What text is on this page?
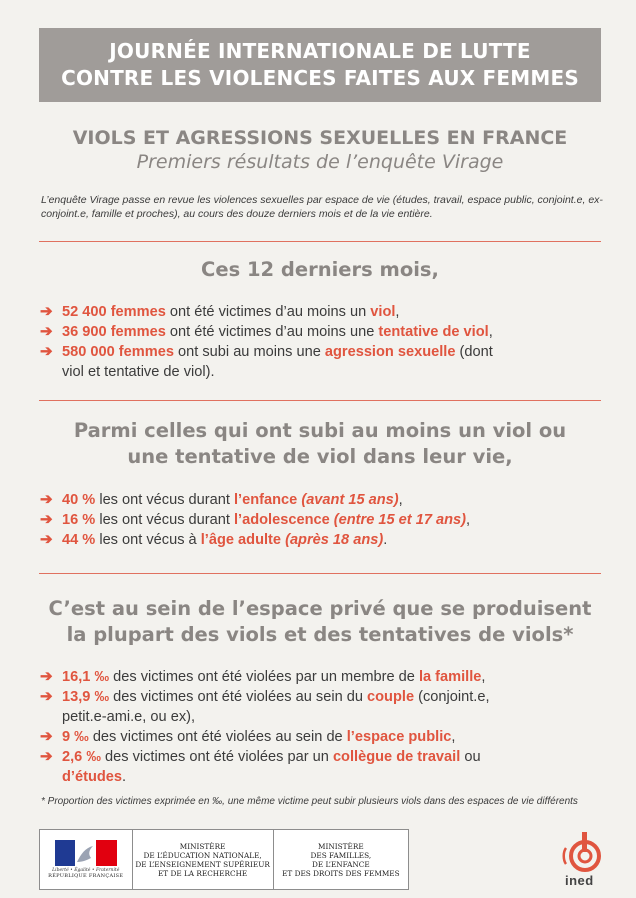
JOURNÉE INTERNATIONALE DE LUTTE
CONTRE LES VIOLENCES FAITES AUX FEMMES
VIOLS ET AGRESSIONS SEXUELLES EN FRANCE
Premiers résultats de l’enquête Virage
L’enquête Virage passe en revue les violences sexuelles par espace de vie (études, travail, espace public, conjoint.e, ex-conjoint.e, famille et proches), au cours des douze derniers mois et de la vie entière.
Ces 12 derniers mois,
➔ 52 400 femmes ont été victimes d’au moins un viol,
➔ 36 900 femmes ont été victimes d’au moins une tentative de viol,
➔ 580 000 femmes ont subi au moins une agression sexuelle (dont
viol et tentative de viol).
Parmi celles qui ont subi au moins un viol ou
une tentative de viol dans leur vie,
➔ 40 % les ont vécus durant l’enfance (avant 15 ans),
➔ 16 % les ont vécus durant l’adolescence (entre 15 et 17 ans),
➔ 44 % les ont vécus à l’âge adulte (après 18 ans).
C’est au sein de l’espace privé que se produisent
la plupart des viols et des tentatives de viols*
➔ 16,1 ‰ des victimes ont été violées par un membre de la famille,
➔ 13,9 ‰ des victimes ont été violées au sein du couple (conjoint.e,
petit.e-ami.e, ou ex),
➔ 9 ‰ des victimes ont été violées au sein de l’espace public,
➔ 2,6 ‰ des victimes ont été violées par un collègue de travail ou
d’études.
* Proportion des victimes exprimée en ‰, une même victime peut subir plusieurs viols dans des espaces de vie différents
Liberté • Égalité • Fraternité
RÉPUBLIQUE FRANÇAISE
MINISTÈRE
DE L’ÉDUCATION NATIONALE,
DE L’ENSEIGNEMENT SUPÉRIEUR
ET DE LA RECHERCHE
MINISTÈRE
DES FAMILLES,
DE L’ENFANCE
ET DES DROITS DES FEMMES	ined
